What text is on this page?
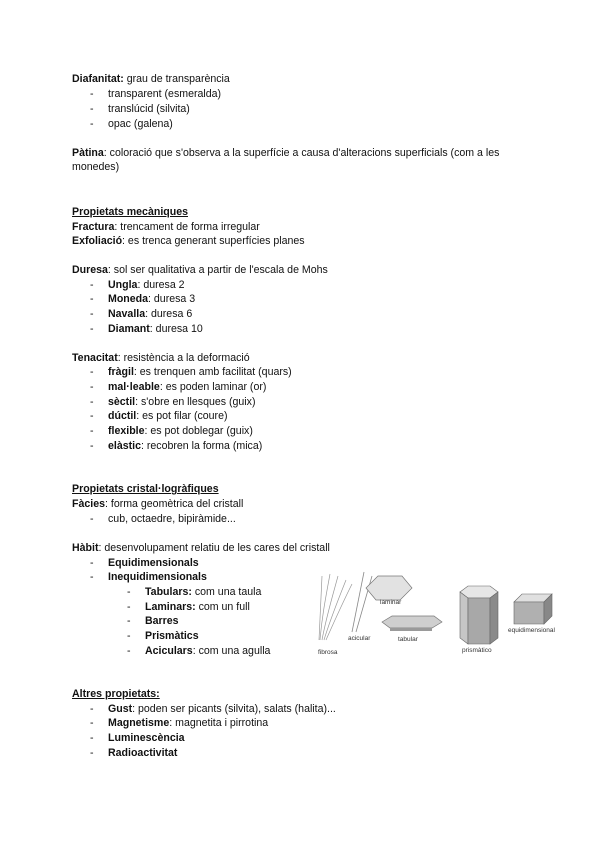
Diafanitat: grau de transparència
- transparent (esmeralda)
- translúcid (silvita)
- opac (galena)
Pàtina: coloració que s'observa a la superfície a causa d'alteracions superficials (com a les monedes)
Propietats mecàniques
Fractura: trencament de forma irregular
Exfoliació: es trenca generant superfícies planes
Duresa: sol ser qualitativa a partir de l'escala de Mohs
- Ungla: duresa 2
- Moneda: duresa 3
- Navalla: duresa 6
- Diamant: duresa 10
Tenacitat: resistència a la deformació
- fràgil: es trenquen amb facilitat (quars)
- mal·leable: es poden laminar (or)
- sèctil: s'obre en llesques (guix)
- dúctil: es pot filar (coure)
- flexible: es pot doblegar (guix)
- elàstic: recobren la forma (mica)
Propietats cristal·logràfiques
Fàcies: forma geomètrica del cristall
- cub, octaedre, bipiràmide...
Hàbit: desenvolupament relatiu de les cares del cristall
- Equidimensionals
- Inequidimensionals
- Tabulars: com una taula
- Laminars: com un full
- Barres
- Prismàtics
- Aciculars: com una agulla	fibrosa
acicular
laminar
tabular
prismàtico
equidimensional
Altres propietats:
- Gust: poden ser picants (silvita), salats (halita)...
- Magnetisme: magnetita i pirrotina
- Luminescència
- Radioactivitat
